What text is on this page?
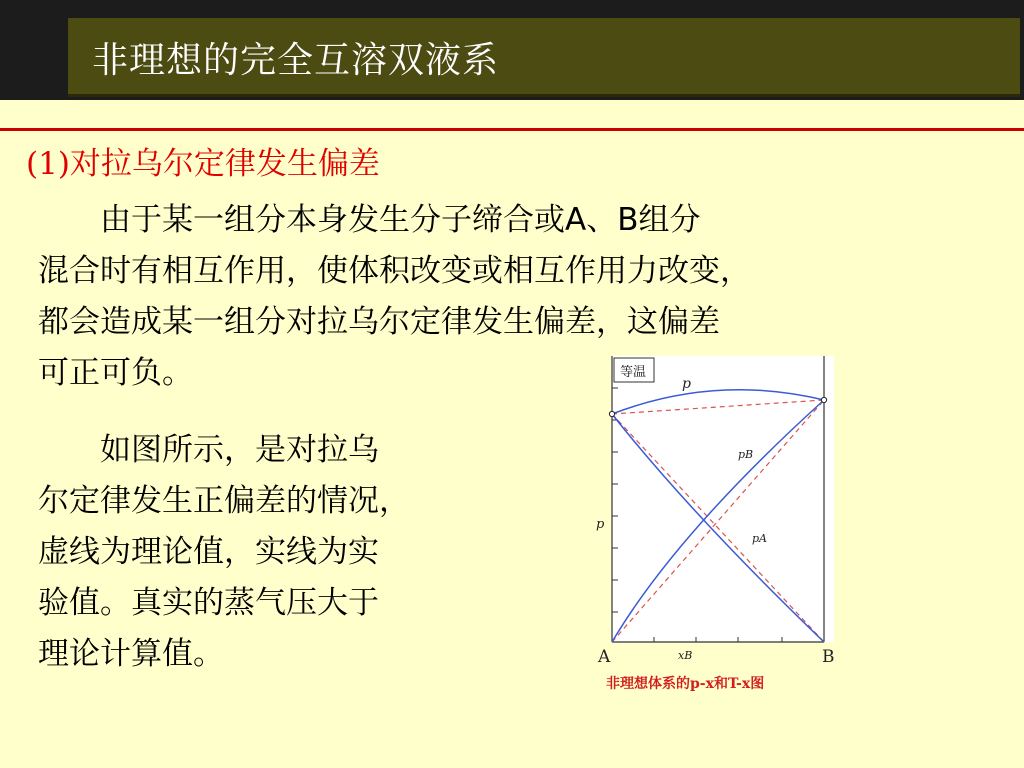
非理想的完全互溶双液系
(1)对拉乌尔定律发生偏差
　　由于某一组分本身发生分子缔合或A、B组分
混合时有相互作用，使体积改变或相互作用力改变，
都会造成某一组分对拉乌尔定律发生偏差，这偏差
可正可负。
　　如图所示，是对拉乌
尔定律发生正偏差的情况，
虚线为理论值，实线为实
验值。真实的蒸气压大于
理论计算值。
等温
p
pB
pA
p
A	B
xB
非理想体系的p-x和T-x图
